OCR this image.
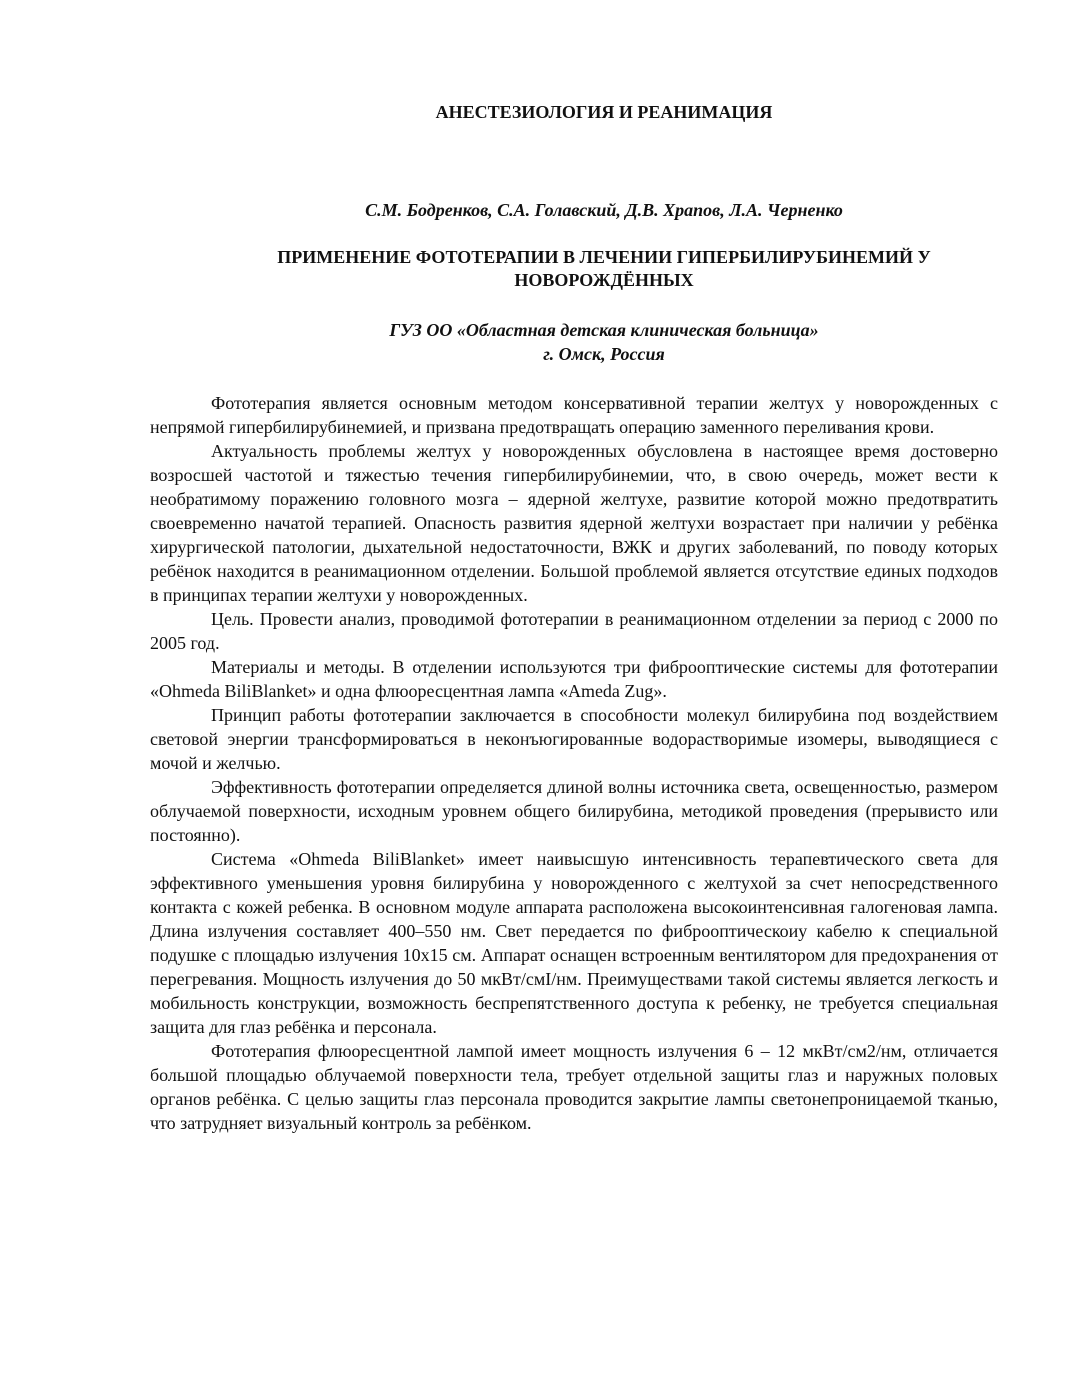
АНЕСТЕЗИОЛОГИЯ И РЕАНИМАЦИЯ
С.М. Бодренков, С.А. Голавский, Д.В. Храпов, Л.А. Черненко
ПРИМЕНЕНИЕ ФОТОТЕРАПИИ В ЛЕЧЕНИИ ГИПЕРБИЛИРУБИНЕМИЙ У
НОВОРОЖДЁННЫХ
ГУЗ ОО «Областная детская клиническая больница»
г. Омск, Россия

Фототерапия является основным методом консервативной терапии желтух у новорожденных с непрямой гипербилирубинемией, и призвана предотвращать операцию заменного переливания крови.

Актуальность проблемы желтух у новорожденных обусловлена в настоящее время достоверно возросшей частотой и тяжестью течения гипербилирубинемии, что, в свою очередь, может вести к необратимому поражению головного мозга – ядерной желтухе, развитие которой можно предотвратить своевременно начатой терапией. Опасность развития ядерной желтухи возрастает при наличии у ребёнка хирургической патологии, дыхательной недостаточности, ВЖК и других заболеваний, по поводу которых ребёнок находится в реанимационном отделении. Большой проблемой является отсутствие единых подходов в принципах терапии желтухи у новорожденных.

Цель. Провести анализ, проводимой фототерапии в реанимационном отделении за период с 2000 по 2005 год.

Материалы и методы. В отделении используются три фиброоптические системы для фототерапии «Ohmeda BiliBlanket» и одна флюоресцентная лампа «Ameda Zug».

Принцип работы фототерапии заключается в способности молекул билирубина под воздействием световой энергии трансформироваться в неконъюгированные водорастворимые изомеры, выводящиеся с мочой и желчью.

Эффективность фототерапии определяется длиной волны источника света, освещенностью, размером облучаемой поверхности, исходным уровнем общего билирубина, методикой проведения (прерывисто или постоянно).

Система «Ohmeda BiliBlanket» имеет наивысшую интенсивность терапевтического света для эффективного уменьшения уровня билирубина у новорожденного с желтухой за счет непосредственного контакта с кожей ребенка. В основном модуле аппарата расположена высокоинтенсивная галогеновая лампа. Длина излучения составляет 400–550 нм. Свет передается по фиброоптическоиу кабелю к специальной подушке с площадью излучения 10х15 см. Аппарат оснащен встроенным вентилятором для предохранения от перегревания. Мощность излучения до 50 мкВт/смI/нм. Преимуществами такой системы является легкость и мобильность конструкции, возможность беспрепятственного доступа к ребенку, не требуется специальная защита для глаз ребёнка и персонала.

Фототерапия флюоресцентной лампой имеет мощность излучения 6 – 12 мкВт/см2/нм, отличается большой площадью облучаемой поверхности тела, требует отдельной защиты глаз и наружных половых органов ребёнка. С целью защиты глаз персонала проводится закрытие лампы светонепроницаемой тканью, что затрудняет визуальный контроль за ребёнком.
